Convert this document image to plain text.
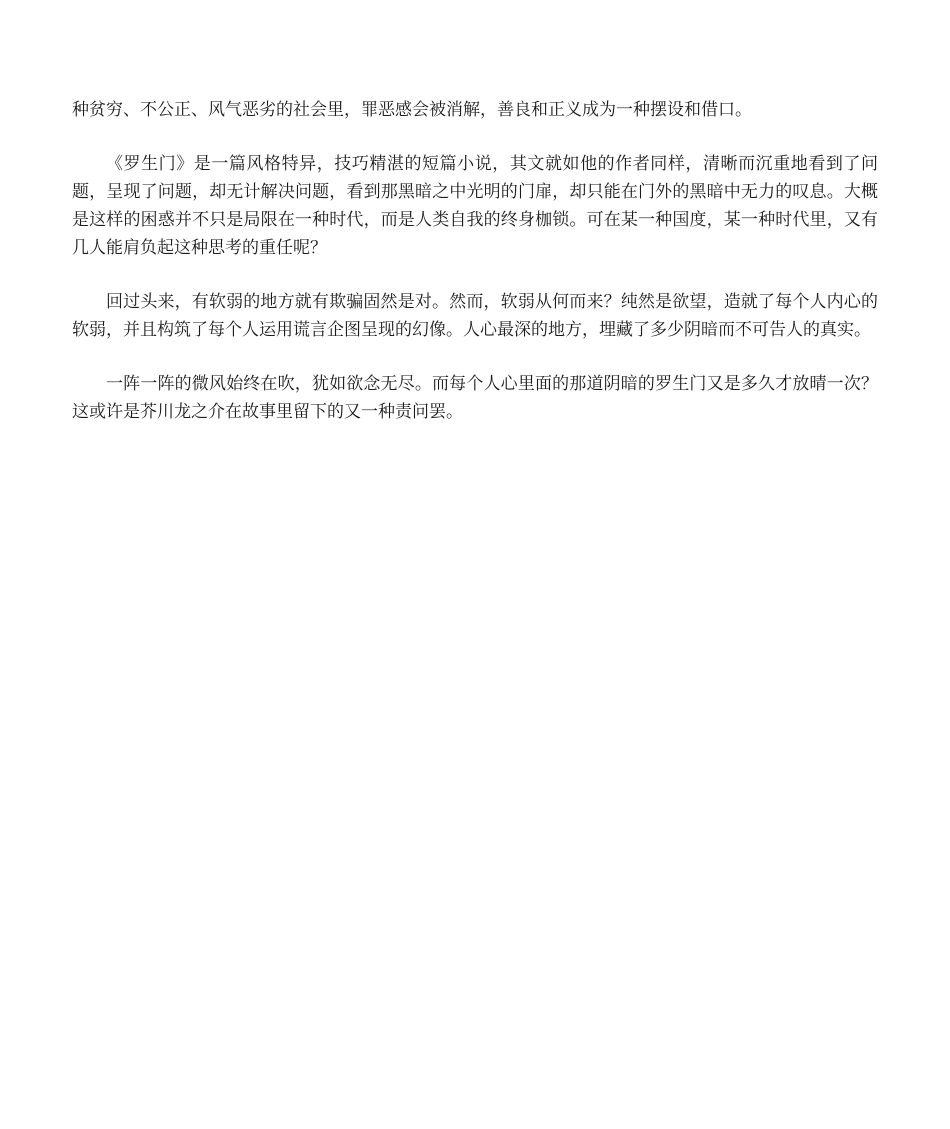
种贫穷、不公正、风气恶劣的社会里，罪恶感会被消解，善良和正义成为一种摆设和借口。

《罗生门》是一篇风格特异，技巧精湛的短篇小说，其文就如他的作者同样，清晰而沉重地看到了问题，呈现了问题，却无计解决问题，看到那黑暗之中光明的门扉，却只能在门外的黑暗中无力的叹息。大概是这样的困惑并不只是局限在一种时代，而是人类自我的终身枷锁。可在某一种国度，某一种时代里，又有几人能肩负起这种思考的重任呢？

回过头来，有软弱的地方就有欺骗固然是对。然而，软弱从何而来？纯然是欲望，造就了每个人内心的软弱，并且构筑了每个人运用谎言企图呈现的幻像。人心最深的地方，埋藏了多少阴暗而不可告人的真实。

一阵一阵的微风始终在吹，犹如欲念无尽。而每个人心里面的那道阴暗的罗生门又是多久才放晴一次？这或许是芥川龙之介在故事里留下的又一种责问罢。
